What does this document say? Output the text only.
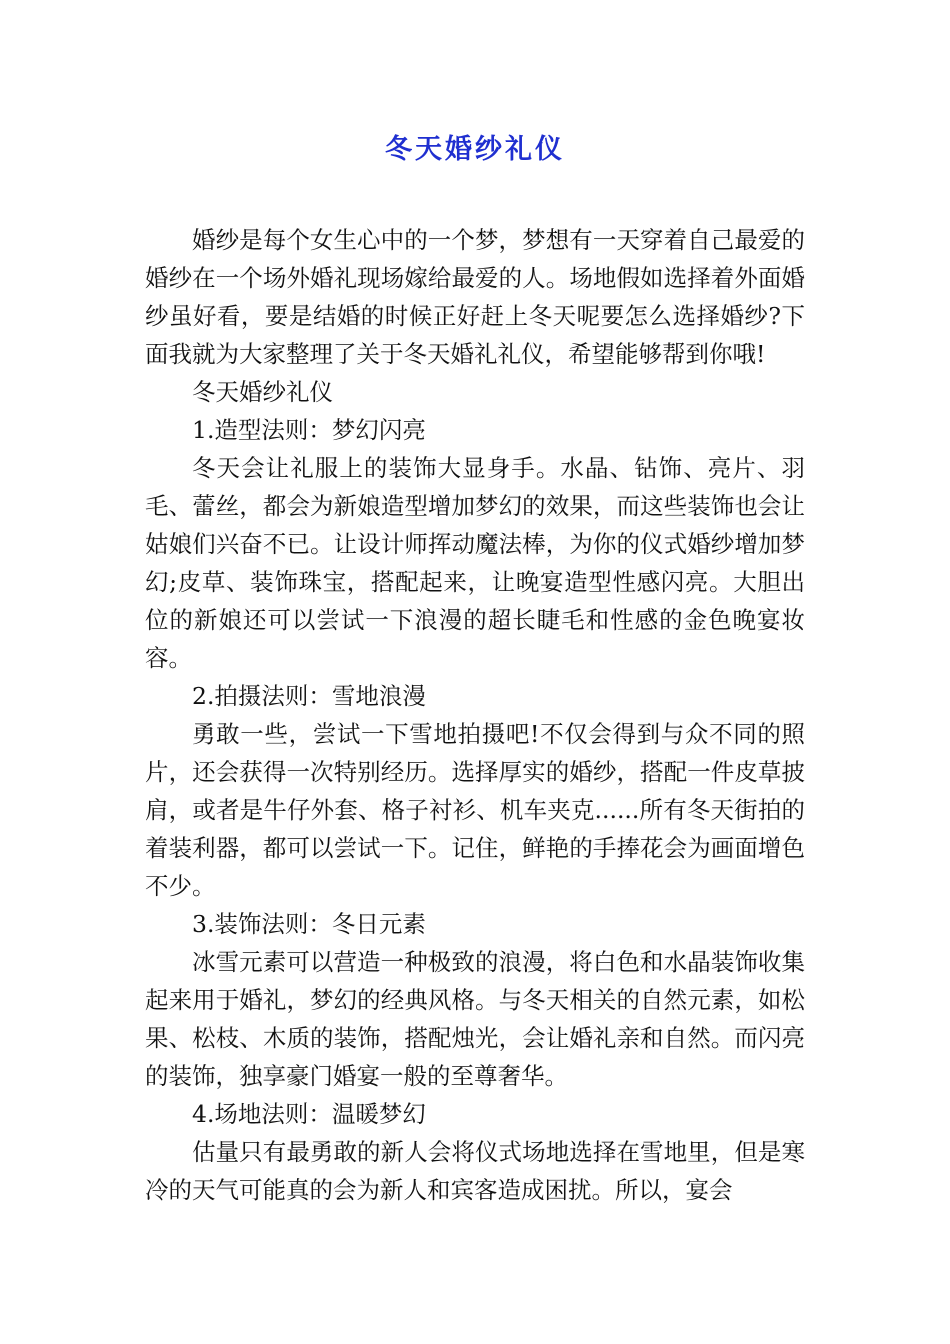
冬天婚纱礼仪

婚纱是每个女生心中的一个梦，梦想有一天穿着自己最爱的婚纱在一个场外婚礼现场嫁给最爱的人。场地假如选择着外面婚纱虽好看，要是结婚的时候正好赶上冬天呢要怎么选择婚纱?下面我就为大家整理了关于冬天婚礼礼仪，希望能够帮到你哦!

冬天婚纱礼仪

1.造型法则：梦幻闪亮

冬天会让礼服上的装饰大显身手。水晶、钻饰、亮片、羽毛、蕾丝，都会为新娘造型增加梦幻的效果，而这些装饰也会让姑娘们兴奋不已。让设计师挥动魔法棒，为你的仪式婚纱增加梦幻;皮草、装饰珠宝，搭配起来，让晚宴造型性感闪亮。大胆出位的新娘还可以尝试一下浪漫的超长睫毛和性感的金色晚宴妆容。

2.拍摄法则：雪地浪漫

勇敢一些，尝试一下雪地拍摄吧!不仅会得到与众不同的照片，还会获得一次特别经历。选择厚实的婚纱，搭配一件皮草披肩，或者是牛仔外套、格子衬衫、机车夹克......所有冬天街拍的着装利器，都可以尝试一下。记住，鲜艳的手捧花会为画面增色不少。

3.装饰法则：冬日元素

冰雪元素可以营造一种极致的浪漫，将白色和水晶装饰收集起来用于婚礼，梦幻的经典风格。与冬天相关的自然元素，如松果、松枝、木质的装饰，搭配烛光，会让婚礼亲和自然。而闪亮的装饰，独享豪门婚宴一般的至尊奢华。

4.场地法则：温暖梦幻

估量只有最勇敢的新人会将仪式场地选择在雪地里，但是寒冷的天气可能真的会为新人和宾客造成困扰。所以，宴会
